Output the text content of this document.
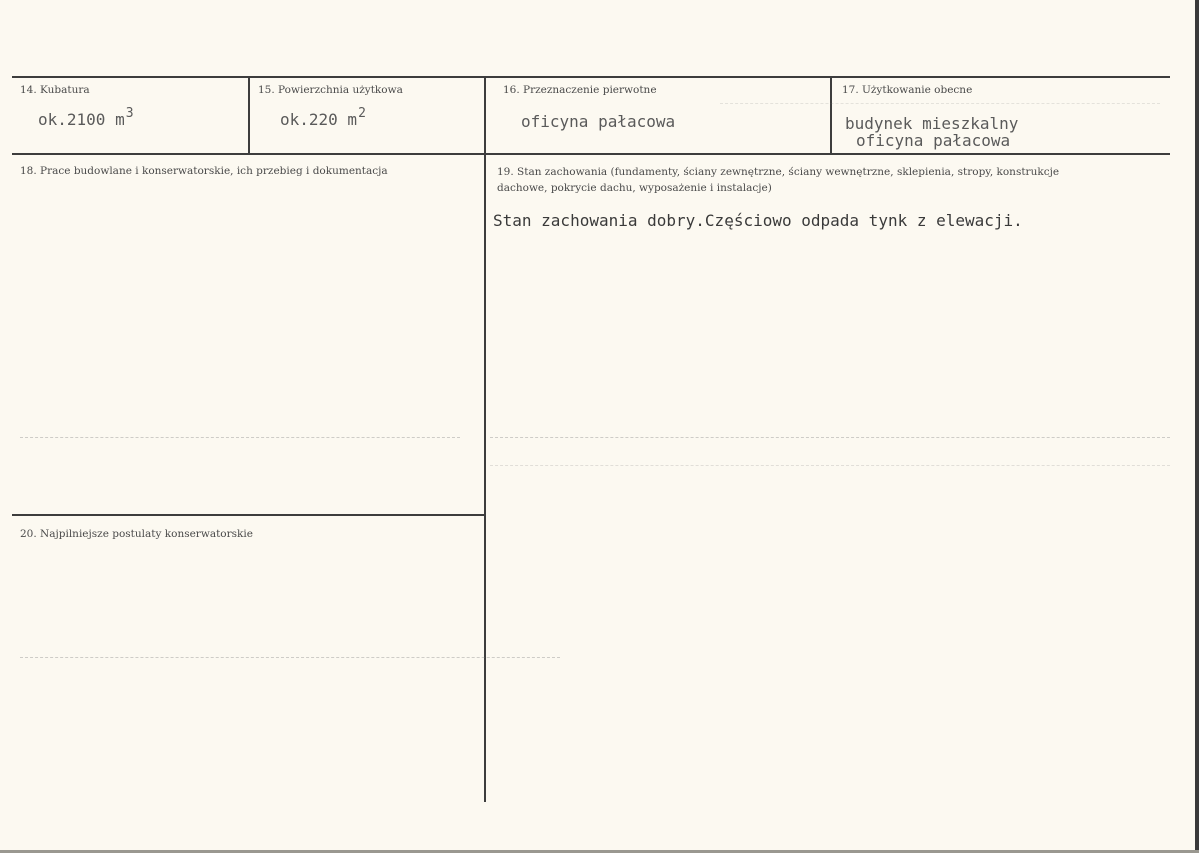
14. Kubatura
ok.2100 $m^3$
15. Powierzchnia użytkowa
ok.220 $m^2$
16. Przeznaczenie pierwotne
oficyna pałacowa
17. Użytkowanie obecne
budynek mieszkalny
oficyna pałacowa
18. Prace budowlane i konserwatorskie, ich przebieg i dokumentacja	19. Stan zachowania (fundamenty, ściany zewnętrzne, ściany wewnętrzne, sklepienia, stropy, konstrukcje dachowe, pokrycie dachu, wyposażenie i instalacje)
Stan zachowania dobry.Częściowo odpada tynk z elewacji.
20. Najpilniejsze postulaty konserwatorskie
